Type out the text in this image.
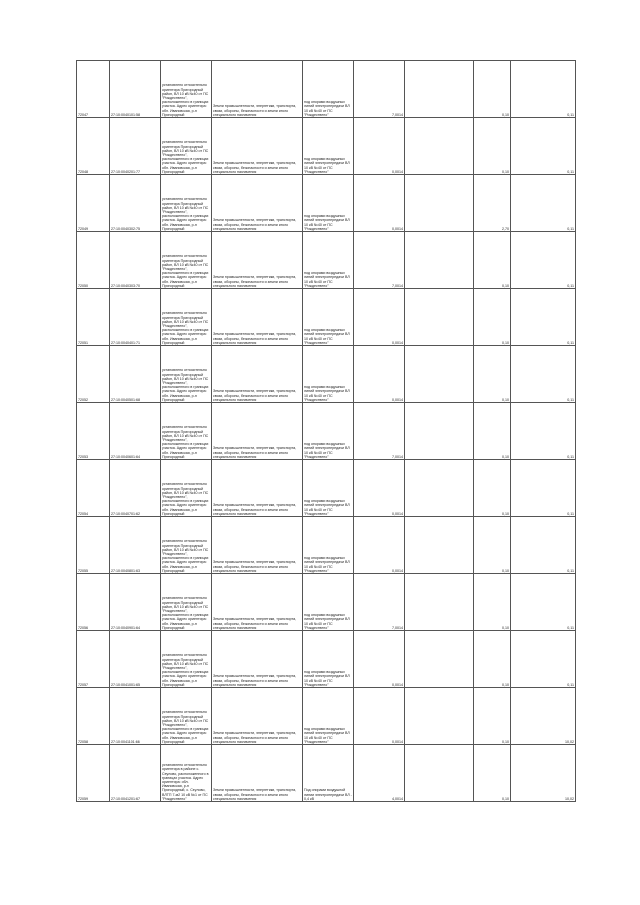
72047	27:10:0040101:58	установлено относительно ориентира Пригородный район, ВЛ 10 кВ №40 от ПС "Рождествено", расположенного в границах участка. Адрес ориентира: обл. Ивановская, р-н Пригородный	Земли промышленности, энергетики, транспорта, связи, обороны, безопасности и земли иного специального назначения	под опорами воздушных линий электропередачи ВЛ 10 кВ №40 от ПС "Рождествено"	7,0014		0,10	0,11
72048	27:10:0040201:77	установлено относительно ориентира Пригородный район, ВЛ 10 кВ №40 от ПС "Рождествено", расположенного в границах участка. Адрес ориентира: обл. Ивановская, р-н Пригородный	Земли промышленности, энергетики, транспорта, связи, обороны, безопасности и земли иного специального назначения	под опорами воздушных линий электропередачи ВЛ 10 кВ №40 от ПС "Рождествено"	0,0014		0,10	0,11
72049	27:10:0040302:75	установлено относительно ориентира Пригородный район, ВЛ 10 кВ №40 от ПС "Рождествено", расположенного в границах участка. Адрес ориентира: обл. Ивановская, р-н Пригородный	Земли промышленности, энергетики, транспорта, связи, обороны, безопасности и земли иного специального назначения	под опорами воздушных линий электропередачи ВЛ 10 кВ №40 от ПС "Рождествено"	0,0014		2,70	0,11
72050	27:10:0040303:70	установлено относительно ориентира Пригородный район, ВЛ 10 кВ №40 от ПС "Рождествено", расположенного в границах участка. Адрес ориентира: обл. Ивановская, р-н Пригородный	Земли промышленности, энергетики, транспорта, связи, обороны, безопасности и земли иного специального назначения	под опорами воздушных линий электропередачи ВЛ 10 кВ №40 от ПС "Рождествено"	7,0014		0,10	0,11
72051	27:10:0040401:71	установлено относительно ориентира Пригородный район, ВЛ 10 кВ №40 от ПС "Рождествено", расположенного в границах участка. Адрес ориентира: обл. Ивановская, р-н Пригородный	Земли промышленности, энергетики, транспорта, связи, обороны, безопасности и земли иного специального назначения	под опорами воздушных линий электропередачи ВЛ 10 кВ №40 от ПС "Рождествено"	0,0014		0,10	0,11
72052	27:10:0040501:68	установлено относительно ориентира Пригородный район, ВЛ 10 кВ №40 от ПС "Рождествено", расположенного в границах участка. Адрес ориентира: обл. Ивановская, р-н Пригородный	Земли промышленности, энергетики, транспорта, связи, обороны, безопасности и земли иного специального назначения	под опорами воздушных линий электропередачи ВЛ 10 кВ №40 от ПС "Рождествено"	0,0014		0,10	0,11
72053	27:10:0040601:64	установлено относительно ориентира Пригородный район, ВЛ 10 кВ №40 от ПС "Рождествено", расположенного в границах участка. Адрес ориентира: обл. Ивановская, р-н Пригородный	Земли промышленности, энергетики, транспорта, связи, обороны, безопасности и земли иного специального назначения	под опорами воздушных линий электропередачи ВЛ 10 кВ №40 от ПС "Рождествено"	7,0014		0,10	0,11
72054	27:10:0040701:62	установлено относительно ориентира Пригородный район, ВЛ 10 кВ №40 от ПС "Рождествено", расположенного в границах участка. Адрес ориентира: обл. Ивановская, р-н Пригородный	Земли промышленности, энергетики, транспорта, связи, обороны, безопасности и земли иного специального назначения	под опорами воздушных линий электропередачи ВЛ 10 кВ №40 от ПС "Рождествено"	0,0014		0,10	0,11
72055	27:10:0040801:63	установлено относительно ориентира Пригородный район, ВЛ 10 кВ №40 от ПС "Рождествено", расположенного в границах участка. Адрес ориентира: обл. Ивановская, р-н Пригородный	Земли промышленности, энергетики, транспорта, связи, обороны, безопасности и земли иного специального назначения	под опорами воздушных линий электропередачи ВЛ 10 кВ №40 от ПС "Рождествено"	0,0014		0,10	0,11
72056	27:10:0040901:64	установлено относительно ориентира Пригородный район, ВЛ 10 кВ №40 от ПС "Рождествено", расположенного в границах участка. Адрес ориентира: обл. Ивановская, р-н Пригородный	Земли промышленности, энергетики, транспорта, связи, обороны, безопасности и земли иного специального назначения	под опорами воздушных линий электропередачи ВЛ 10 кВ №40 от ПС "Рождествено"	7,0014		0,10	0,11
72057	27:10:0041001:65	установлено относительно ориентира Пригородный район, ВЛ 10 кВ №40 от ПС "Рождествено", расположенного в границах участка. Адрес ориентира: обл. Ивановская, р-н Пригородный	Земли промышленности, энергетики, транспорта, связи, обороны, безопасности и земли иного специального назначения	под опорами воздушных линий электропередачи ВЛ 10 кВ №40 от ПС "Рождествено"	0,0014		0,10	0,11
72058	27:10:0041101:66	установлено относительно ориентира Пригородный район, ВЛ 10 кВ №40 от ПС "Рождествено", расположенного в границах участка. Адрес ориентира: обл. Ивановская, р-н Пригородный	Земли промышленности, энергетики, транспорта, связи, обороны, безопасности и земли иного специального назначения	под опорами воздушных линий электропередачи ВЛ 10 кВ №40 от ПС "Рождествено"	0,0014		0,10	10,02
72059	27:10:0041201:67	установлено относительно ориентира в районе с. Сеулово, расположенного в границах участка. Адрес ориентира: обл. Ивановская, р-н Пригородный, с. Сеулово, ВЛТП 7-м2 10 кВ №1 от ПС "Рождествено"	Земли промышленности, энергетики, транспорта, связи, обороны, безопасности и земли иного специального назначения	Под опорами воздушной линии электропередачи ВЛ - 0,4 кВ	4,0014		0,10	10,02
